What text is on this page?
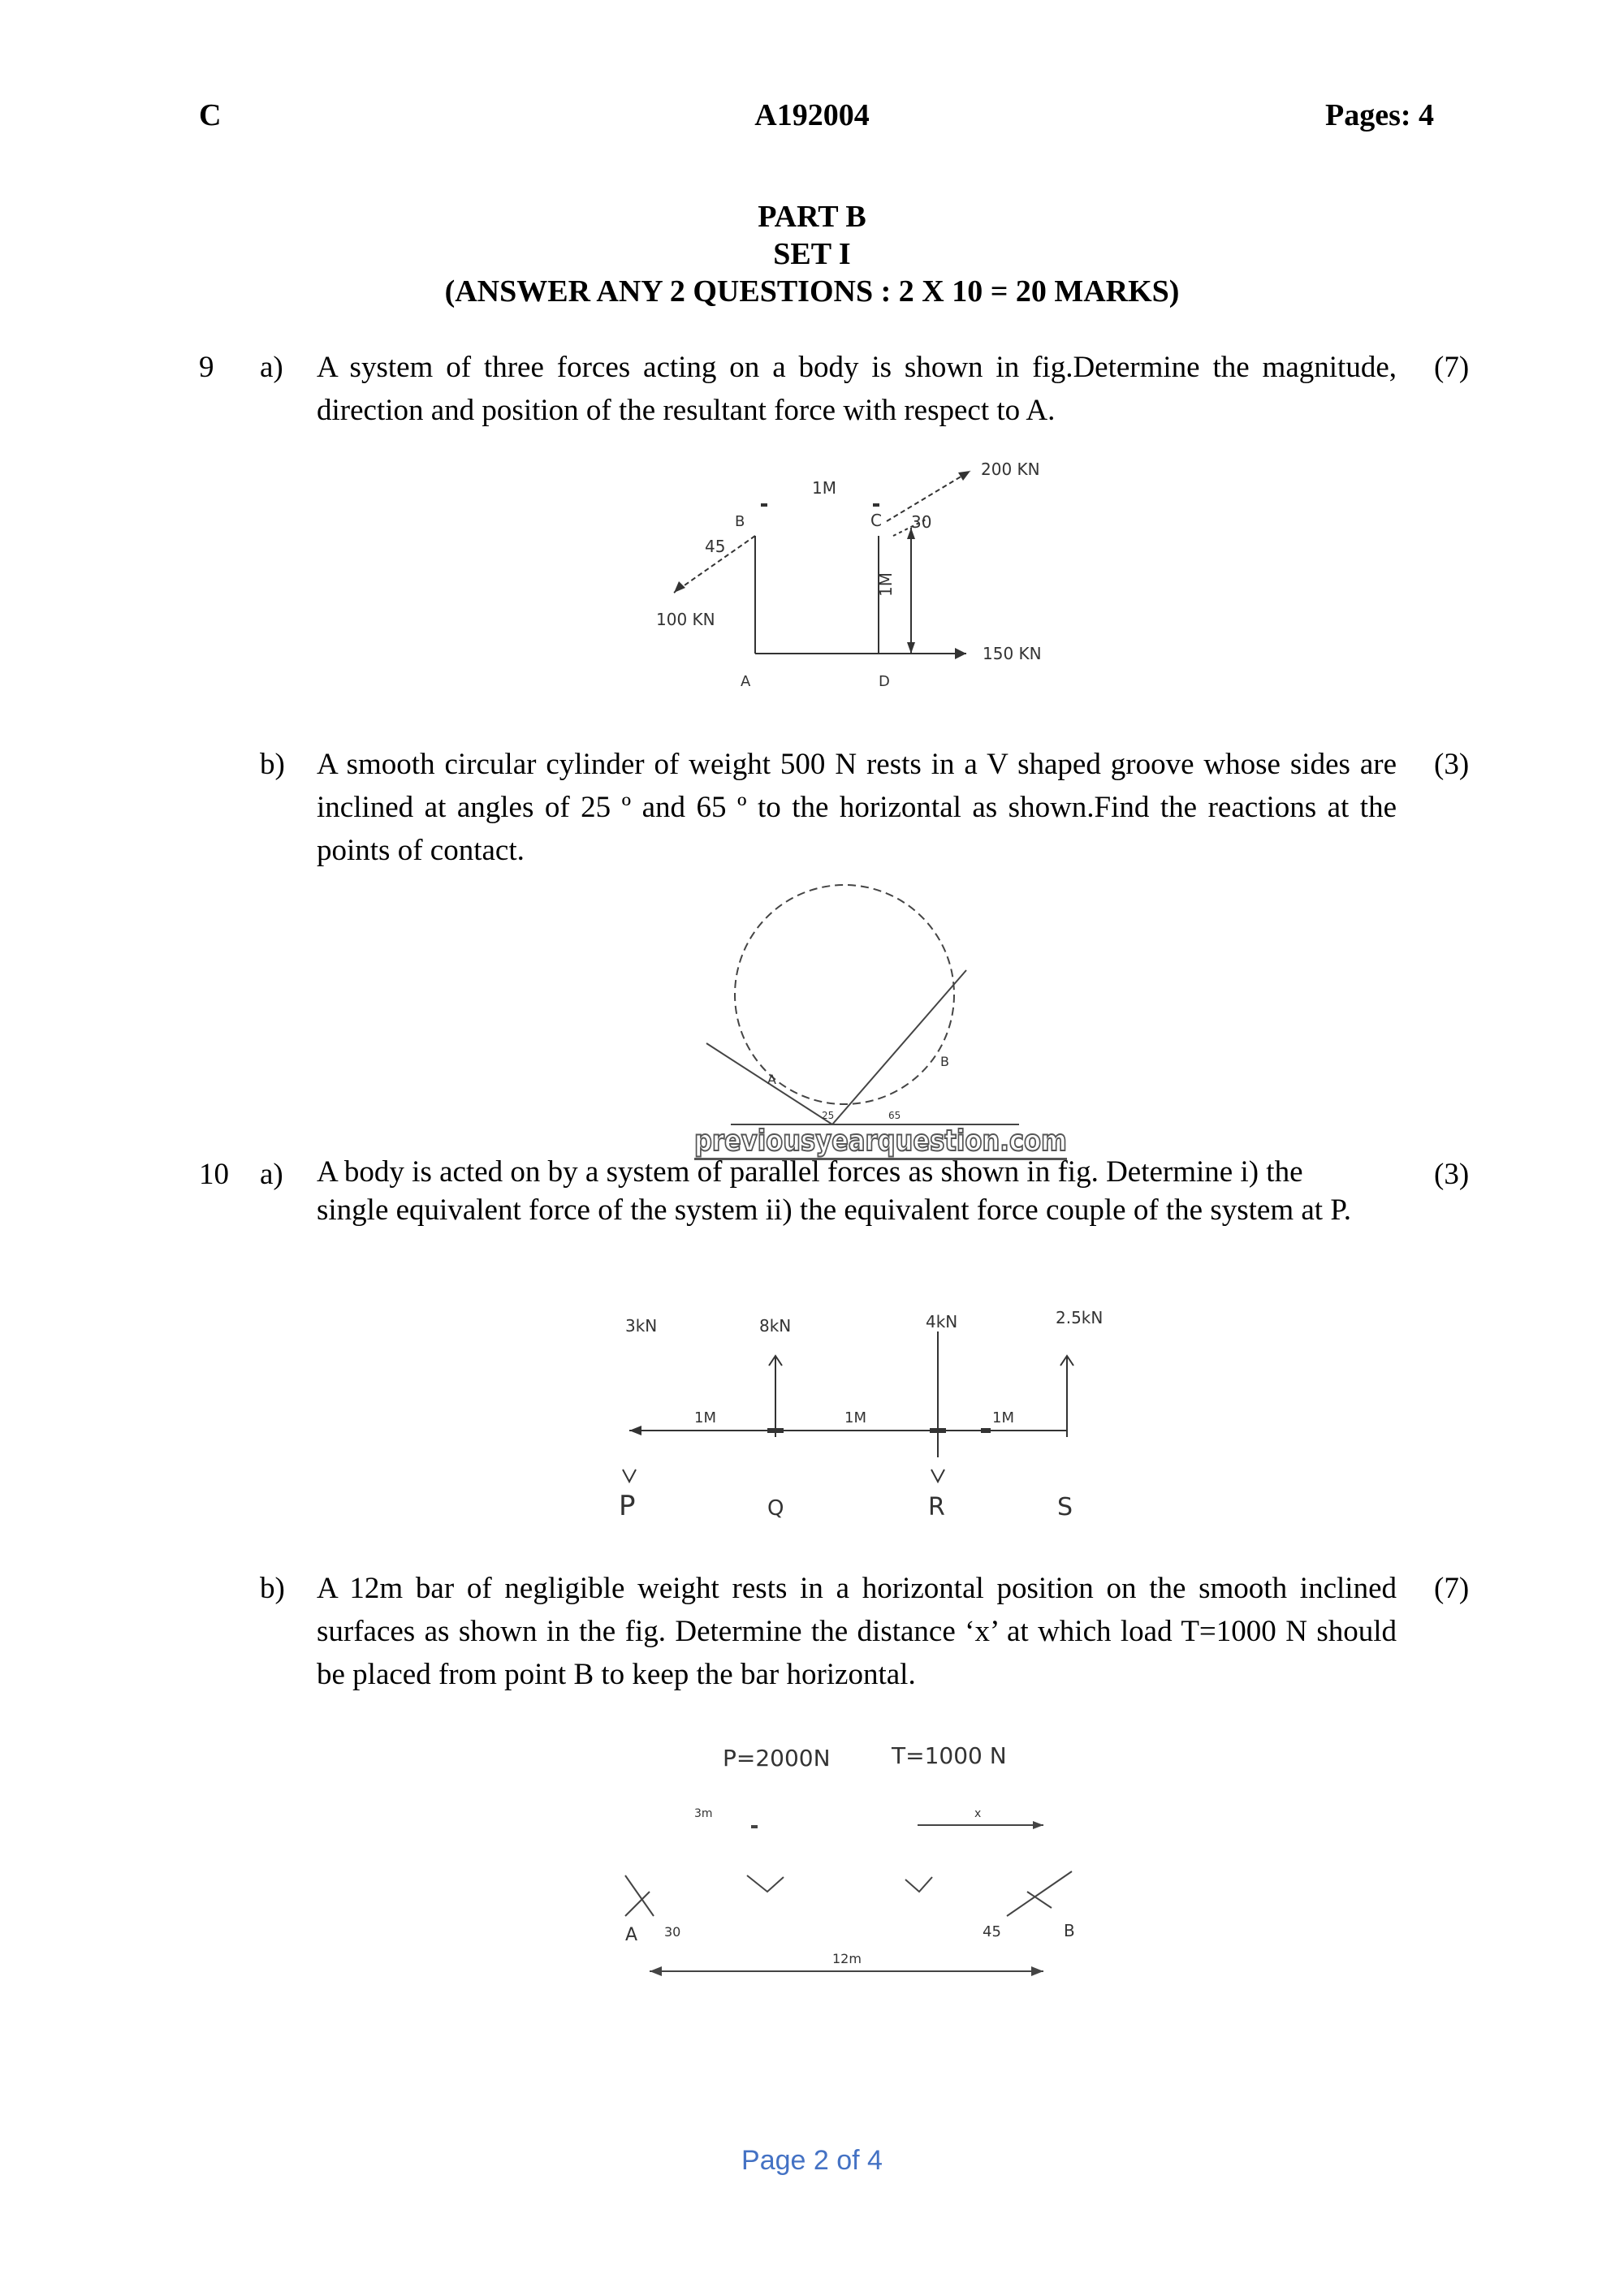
C	A192004	Pages: 4
PART B
SET I
(ANSWER ANY 2 QUESTIONS : 2 X 10 = 20 MARKS)
9 a) A system of three forces acting on a body is shown in fig.Determine the magnitude, direction and position of the resultant force with respect to A.
(7)
200 KN
1M
B	C 30
45
1M
100 KN
150 KN
A	D
b) A smooth circular cylinder of weight 500 N rests in a V shaped groove whose sides are inclined at angles of 25 º and 65 º to the horizontal as shown.Find the reactions at the points of contact.
(3)
A
B
25	65
previousyearquestion.com
10 a) A body is acted on by a system of parallel forces as shown in fig. Determine i) the single equivalent force of the system ii) the equivalent force couple of the system at P.
(3)
3kN	8kN	4kN	2.5kN
1M	1M	1M
P	Q	R	S
b) A 12m bar of negligible weight rests in a horizontal position on the smooth inclined surfaces as shown in the fig. Determine the distance ‘x’ at which load T=1000 N should be placed from point B to keep the bar horizontal.
(7)
P=2000N	T=1000 N
3m	x
A	B
30	45
12m
Page 2 of 4
